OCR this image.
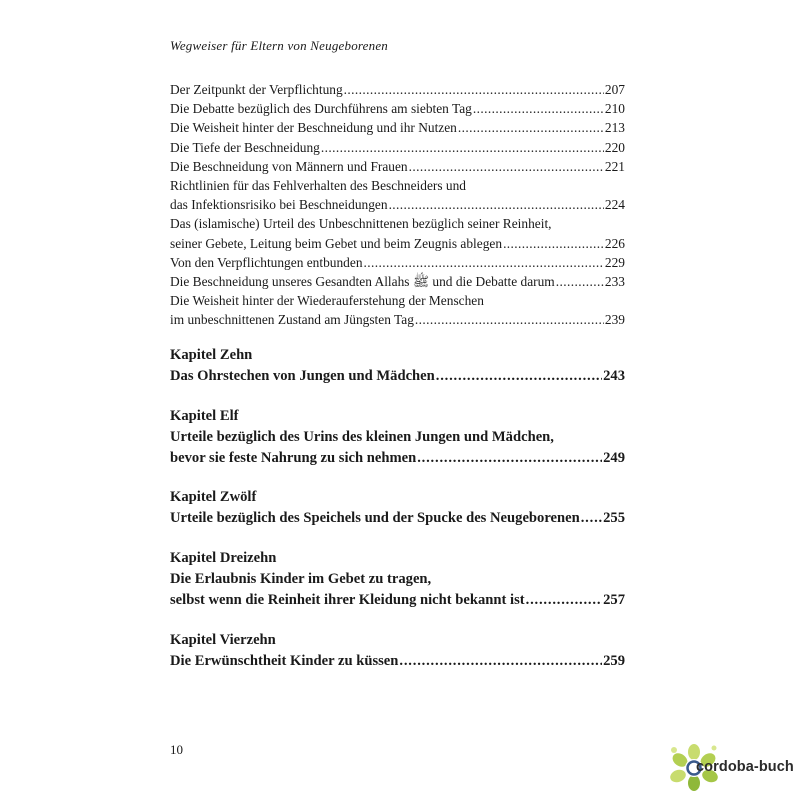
Wegweiser für Eltern von Neugeborenen
Der Zeitpunkt der Verpflichtung .....	207
Die Debatte bezüglich des Durchführens am siebten Tag .....	210
Die Weisheit hinter der Beschneidung und ihr Nutzen .....	213
Die Tiefe der Beschneidung .....	220
Die Beschneidung von Männern und Frauen .....	221
Richtlinien für das Fehlverhalten des Beschneiders und
das Infektionsrisiko bei Beschneidungen .....	224
Das (islamische) Urteil des Unbeschnittenen bezüglich seiner Reinheit,
seiner Gebete, Leitung beim Gebet und beim Zeugnis ablegen .....	226
Von den Verpflichtungen entbunden .....	229
Die Beschneidung unseres Gesandten Allahs ﷺ und die Debatte darum .....	233
Die Weisheit hinter der Wiederauferstehung der Menschen
im unbeschnittenen Zustand am Jüngsten Tag .....	239
Kapitel Zehn
Das Ohrstechen von Jungen und Mädchen .....	243
Kapitel Elf
Urteile bezüglich des Urins des kleinen Jungen und Mädchen,
bevor sie feste Nahrung zu sich nehmen .....	249
Kapitel Zwölf
Urteile bezüglich des Speichels und der Spucke des Neugeborenen ..... 255
Kapitel Dreizehn
Die Erlaubnis Kinder im Gebet zu tragen,
selbst wenn die Reinheit ihrer Kleidung nicht bekannt ist .....	257
Kapitel Vierzehn
Die Erwünschtheit Kinder zu küssen .....	259
10
cordoba-buch
